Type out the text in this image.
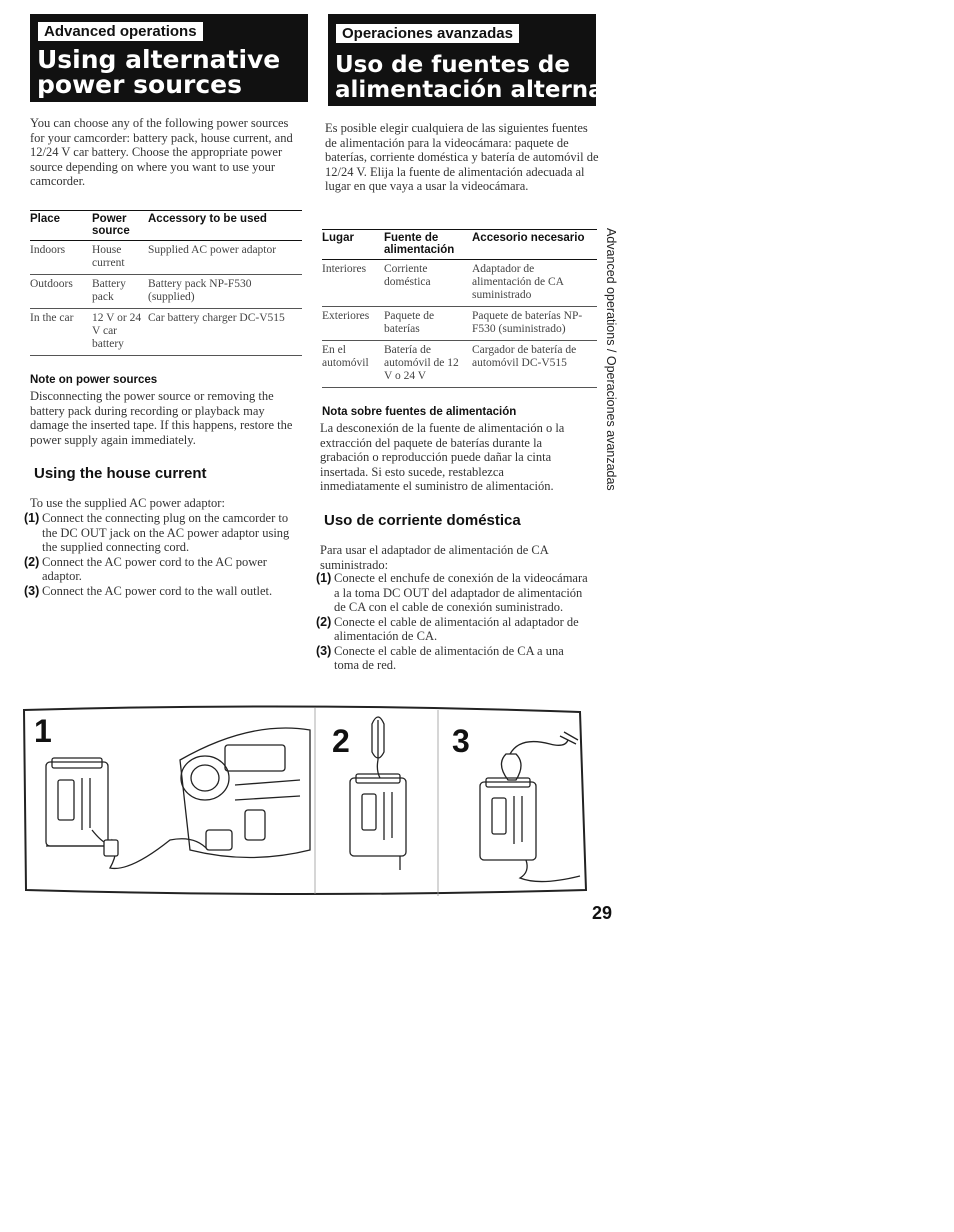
Advanced operations
Using alternative
power sources
Operaciones avanzadas
Uso de fuentes de
alimentación alternativas
You can choose any of the following power sources for your camcorder: battery pack, house current, and 12/24 V car battery. Choose the appropriate power source depending on where you want to use your camcorder.
Place	Power source	Accessory to be used
Indoors	House current	Supplied AC power adaptor
Outdoors	Battery pack	Battery pack NP-F530 (supplied)
In the car	12 V or 24 V car battery	Car battery charger DC-V515
Note on power sources
Disconnecting the power source or removing the battery pack during recording or playback may damage the inserted tape. If this happens, restore the power supply again immediately.
Using the house current
To use the supplied AC power adaptor:
(1) Connect the connecting plug on the camcorder to the DC OUT jack on the AC power adaptor using the supplied connecting cord.
(2) Connect the AC power cord to the AC power adaptor.
(3) Connect the AC power cord to the wall outlet.
Es posible elegir cualquiera de las siguientes fuentes de alimentación para la videocámara: paquete de baterías, corriente doméstica y batería de automóvil de 12/24 V. Elija la fuente de alimentación adecuada al lugar en que vaya a usar la videocámara.
Lugar	Fuente de alimentación	Accesorio necesario
Interiores	Corriente doméstica	Adaptador de alimentación de CA suministrado
Exteriores	Paquete de baterías	Paquete de baterías NP-F530 (suministrado)
En el automóvil	Batería de automóvil de 12 V o 24 V	Cargador de batería de automóvil DC-V515
Nota sobre fuentes de alimentación
La desconexión de la fuente de alimentación o la extracción del paquete de baterías durante la grabación o reproducción puede dañar la cinta insertada. Si esto sucede, restablezca inmediatamente el suministro de alimentación.
Uso de corriente doméstica
Para usar el adaptador de alimentación de CA suministrado:
(1) Conecte el enchufe de conexión de la videocámara a la toma DC OUT del adaptador de alimentación de CA con el cable de conexión suministrado.
(2) Conecte el cable de alimentación al adaptador de alimentación de CA.
(3) Conecte el cable de alimentación de CA a una toma de red.
Advanced operations / Operaciones avanzadas
1	2	3
29
